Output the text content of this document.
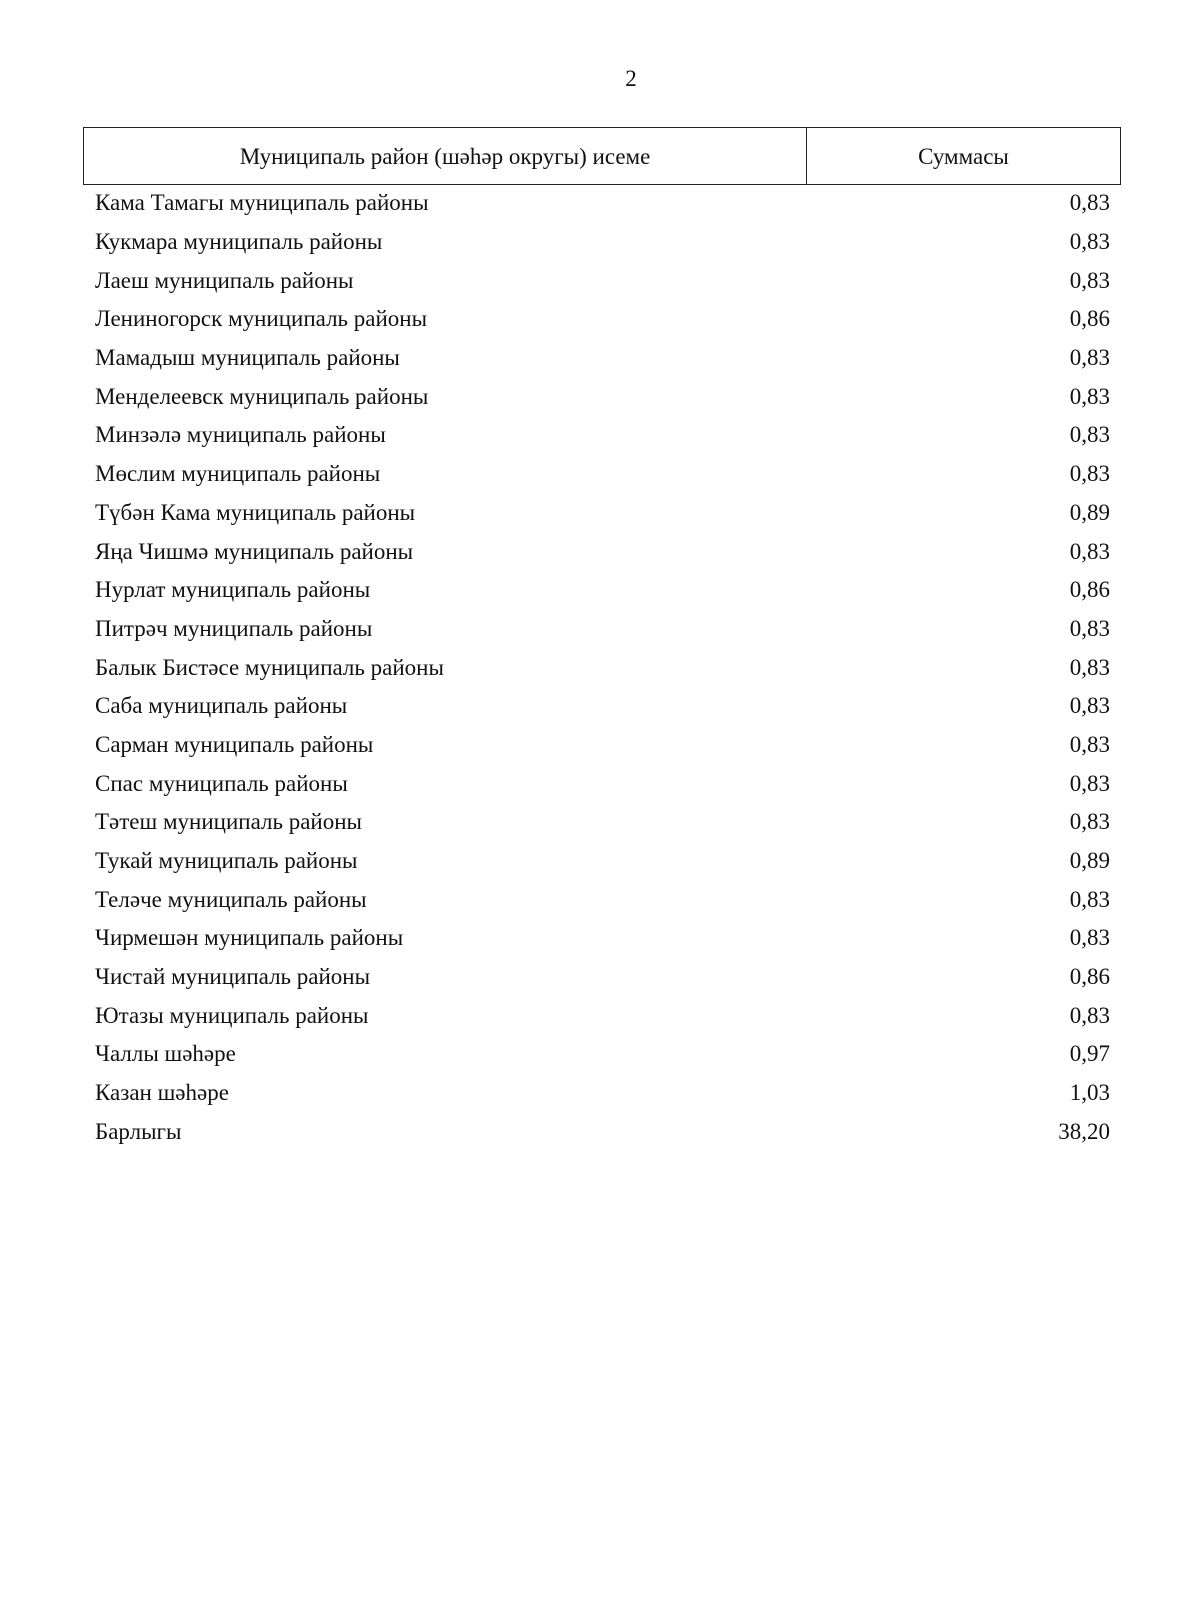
2
Муниципаль район (шәһәр округы) исеме	Суммасы
Кама Тамагы муниципаль районы	0,83
Кукмара муниципаль районы	0,83
Лаеш муниципаль районы	0,83
Лениногорск муниципаль районы	0,86
Мамадыш муниципаль районы	0,83
Менделеевск муниципаль районы	0,83
Минзәлә муниципаль районы	0,83
Мөслим муниципаль районы	0,83
Түбән Кама муниципаль районы	0,89
Яңа Чишмә муниципаль районы	0,83
Нурлат муниципаль районы	0,86
Питрәч муниципаль районы	0,83
Балык Бистәсе муниципаль районы	0,83
Саба муниципаль районы	0,83
Сарман муниципаль районы	0,83
Спас муниципаль районы	0,83
Тәтеш муниципаль районы	0,83
Тукай муниципаль районы	0,89
Теләче муниципаль районы	0,83
Чирмешән муниципаль районы	0,83
Чистай муниципаль районы	0,86
Ютазы муниципаль районы	0,83
Чаллы шәһәре	0,97
Казан шәһәре	1,03
Барлыгы	38,20
